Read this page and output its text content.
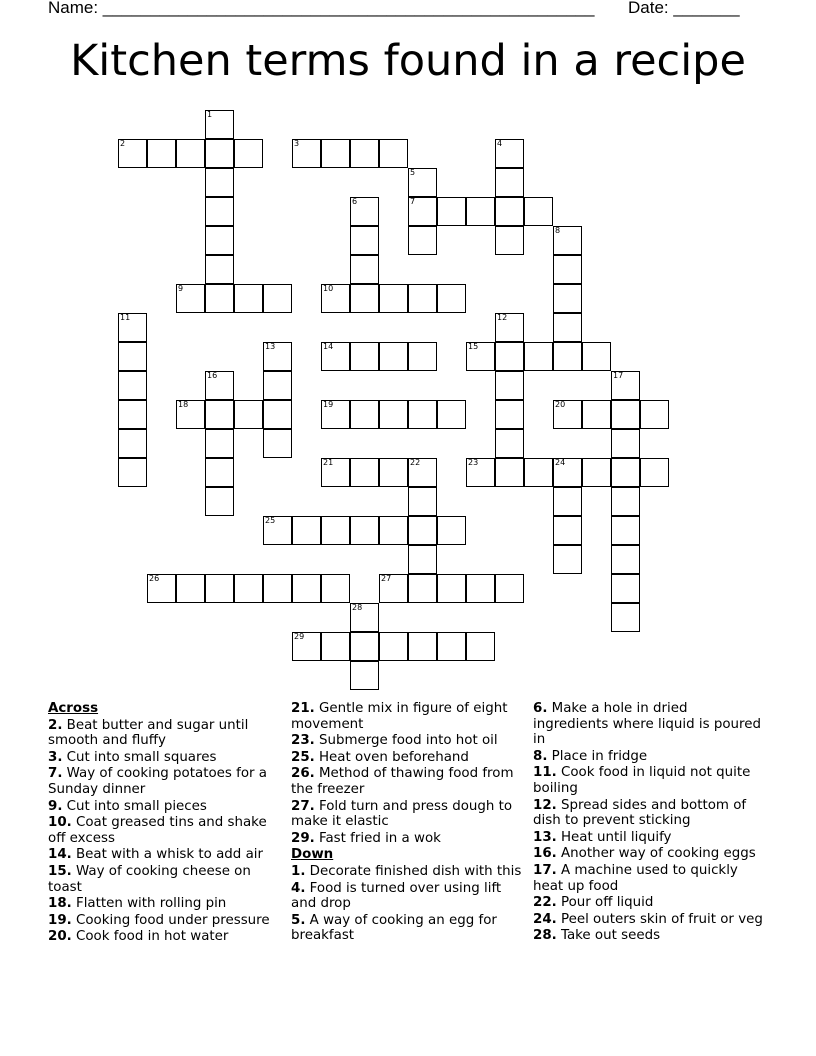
Name: ____________________________________________________ Date: _______
Kitchen terms found in a recipe
2	3
7
9	10
14	15
18	19	20
21	22	23	24
25
26	27
29
1
4
5
6
8
11	12
13
16	17
28
Across
2. Beat butter and sugar until smooth and fluffy
3. Cut into small squares
7. Way of cooking potatoes for a Sunday dinner
9. Cut into small pieces
10. Coat greased tins and shake off excess
14. Beat with a whisk to add air
15. Way of cooking cheese on toast
18. Flatten with rolling pin
19. Cooking food under pressure
20. Cook food in hot water
21. Gentle mix in figure of eight movement
23. Submerge food into hot oil
25. Heat oven beforehand
26. Method of thawing food from the freezer
27. Fold turn and press dough to make it elastic
29. Fast fried in a wok
Down
1. Decorate finished dish with this
4. Food is turned over using lift and drop
5. A way of cooking an egg for breakfast
6. Make a hole in dried ingredients where liquid is poured in
8. Place in fridge
11. Cook food in liquid not quite boiling
12. Spread sides and bottom of dish to prevent sticking
13. Heat until liquify
16. Another way of cooking eggs
17. A machine used to quickly heat up food
22. Pour off liquid
24. Peel outers skin of fruit or veg
28. Take out seeds
